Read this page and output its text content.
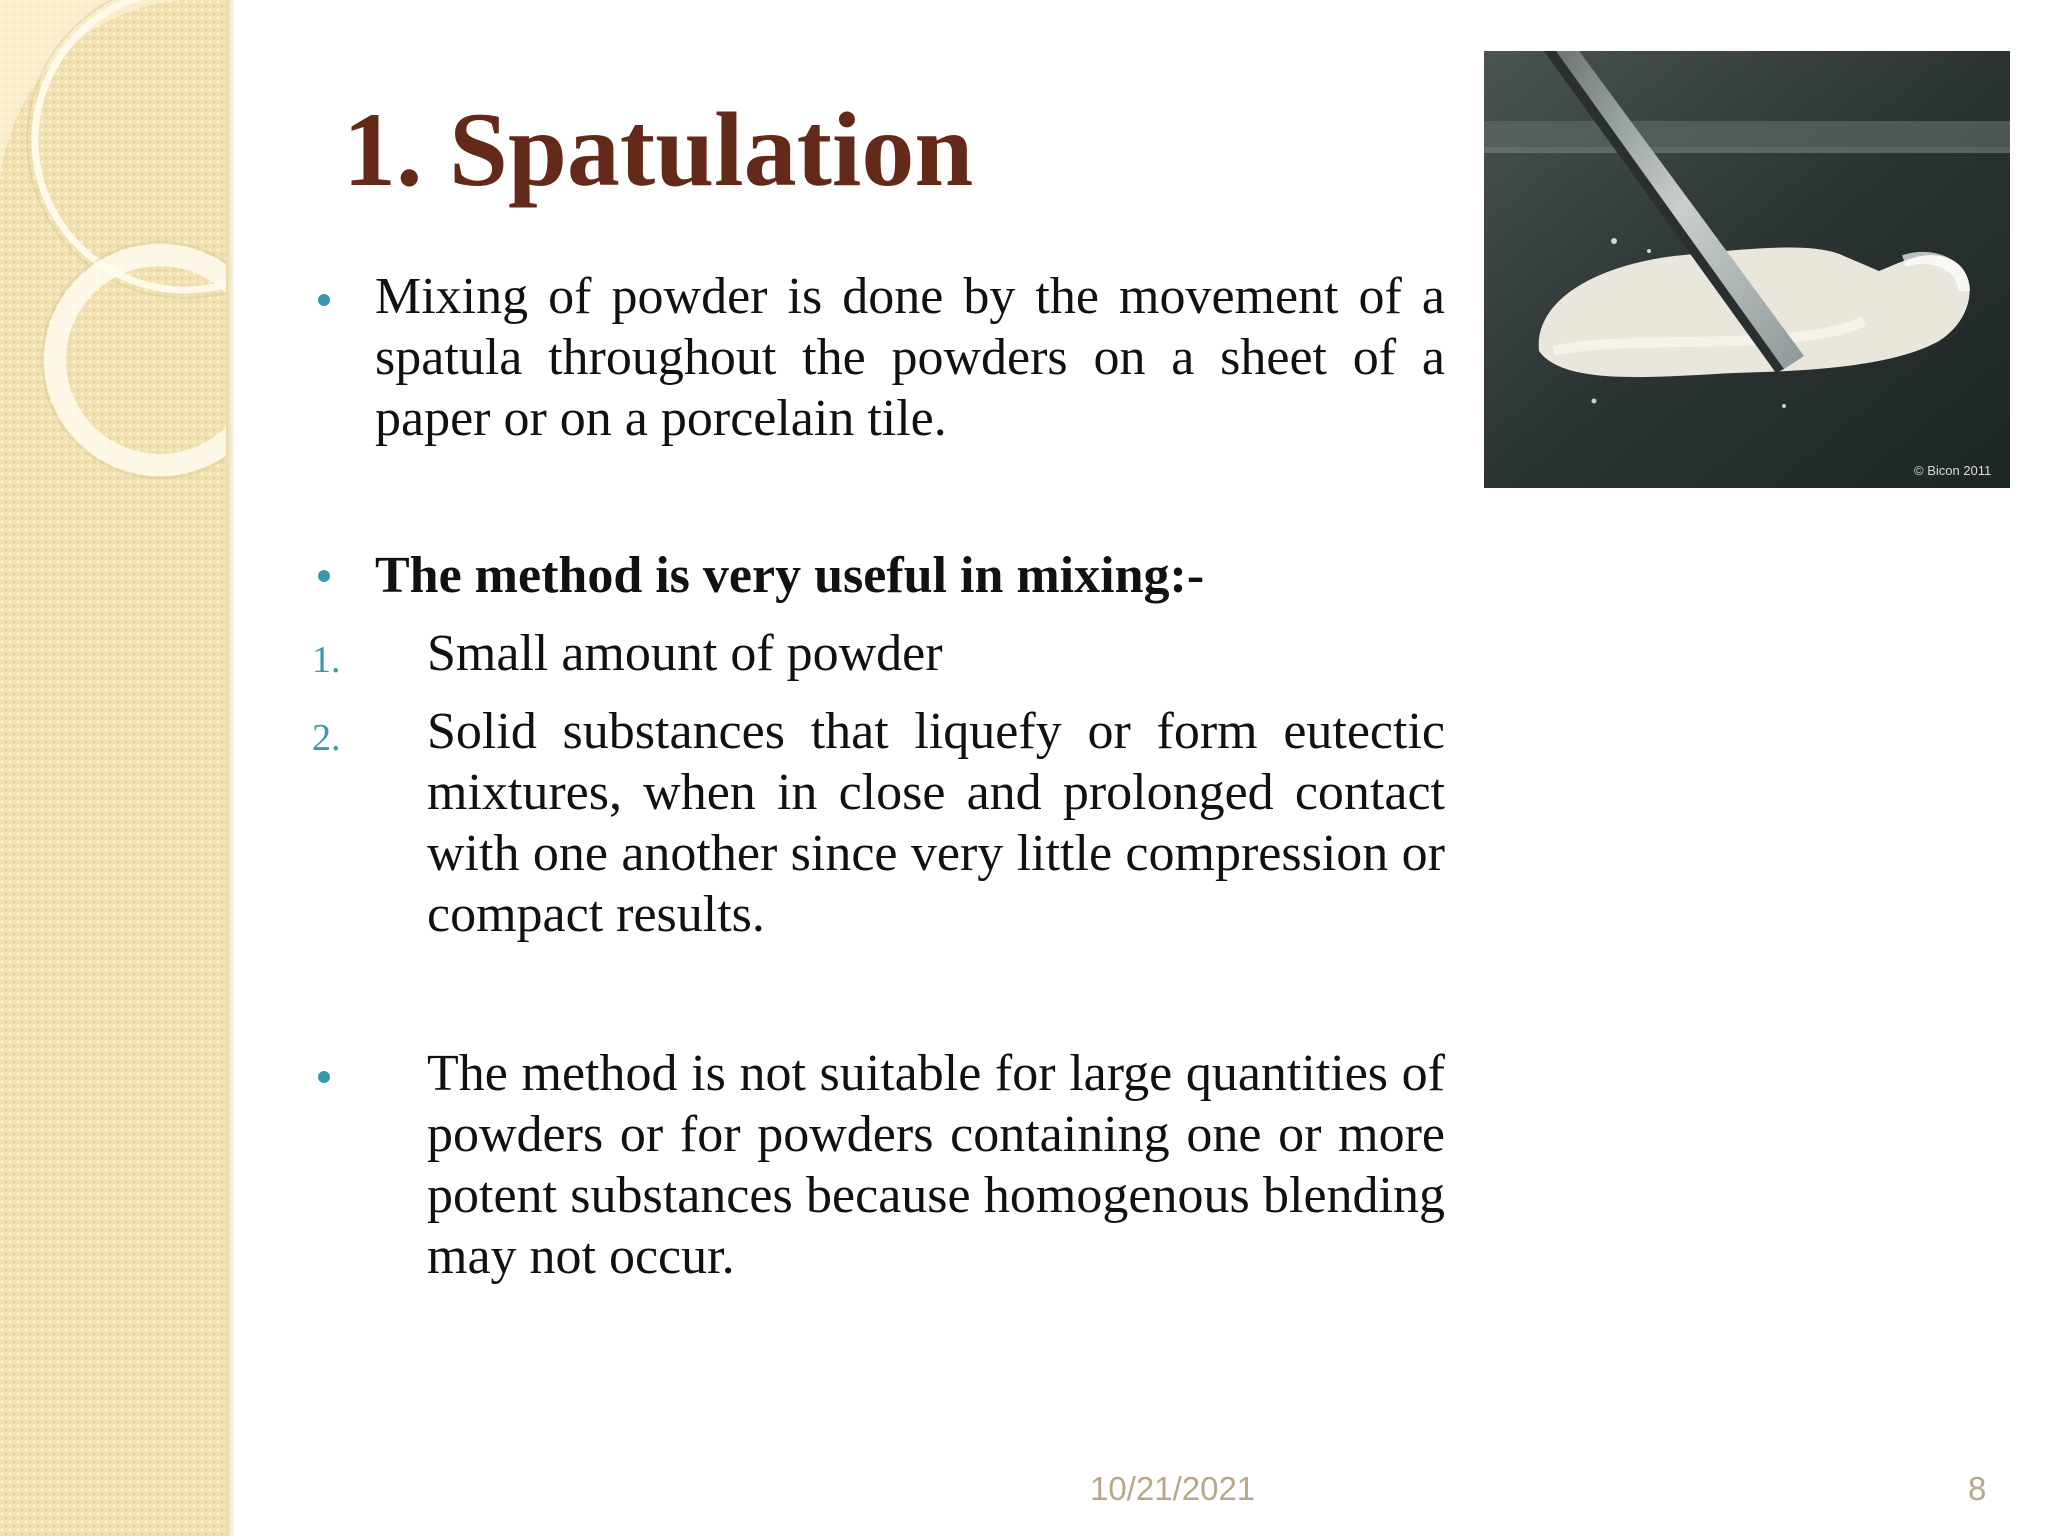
1. Spatulation
© Bicon 2011
Mixing of powder is done by the movement of a spatula throughout the powders on a sheet of a paper or on a porcelain tile.
The method is very useful in mixing:-
1. Small amount of powder
2. Solid substances that liquefy or form eutectic mixtures, when in close and prolonged contact with one another since very little compression or compact results.
The method is not suitable for large quantities of powders or for powders containing one or more potent substances because homogenous blending may not occur.
10/21/2021	8
